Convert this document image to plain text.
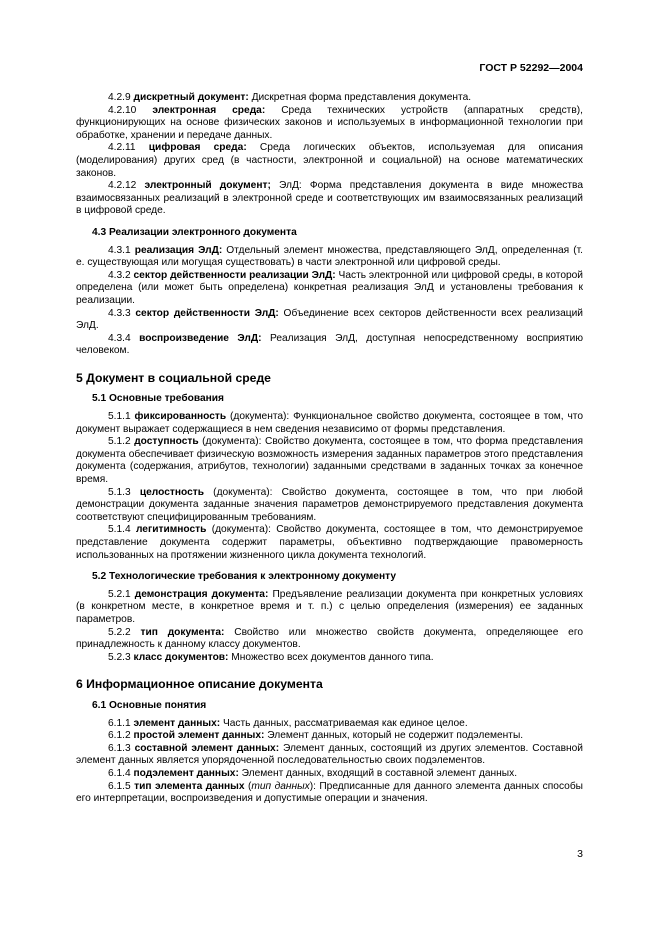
ГОСТ Р 52292—2004

4.2.9 дискретный документ: Дискретная форма представления документа.

4.2.10 электронная среда: Среда технических устройств (аппаратных средств), функционирующих на основе физических законов и используемых в информационной технологии при обработке, хранении и передаче данных.

4.2.11 цифровая среда: Среда логических объектов, используемая для описания (моделирования) других сред (в частности, электронной и социальной) на основе математических законов.

4.2.12 электронный документ; ЭлД: Форма представления документа в виде множества взаимосвязанных реализаций в электронной среде и соответствующих им взаимосвязанных реализаций в цифровой среде.

4.3 Реализации электронного документа

4.3.1 реализация ЭлД: Отдельный элемент множества, представляющего ЭлД, определенная (т. е. существующая или могущая существовать) в части электронной или цифровой среды.

4.3.2 сектор действенности реализации ЭлД: Часть электронной или цифровой среды, в которой определена (или может быть определена) конкретная реализация ЭлД и установлены требования к реализации.

4.3.3 сектор действенности ЭлД: Объединение всех секторов действенности всех реализаций ЭлД.

4.3.4 воспроизведение ЭлД: Реализация ЭлД, доступная непосредственному восприятию человеком.

5 Документ в социальной среде
5.1 Основные требования

5.1.1 фиксированность (документа): Функциональное свойство документа, состоящее в том, что документ выражает содержащиеся в нем сведения независимо от формы представления.

5.1.2 доступность (документа): Свойство документа, состоящее в том, что форма представления документа обеспечивает физическую возможность измерения заданных параметров этого представления документа (содержания, атрибутов, технологии) заданными средствами в заданных точках за конечное время.

5.1.3 целостность (документа): Свойство документа, состоящее в том, что при любой демонстрации документа заданные значения параметров демонстрируемого представления документа соответствуют специфицированным требованиям.

5.1.4 легитимность (документа): Свойство документа, состоящее в том, что демонстрируемое представление документа содержит параметры, объективно подтверждающие правомерность использованных на протяжении жизненного цикла документа технологий.

5.2 Технологические требования к электронному документу

5.2.1 демонстрация документа: Предъявление реализации документа при конкретных условиях (в конкретном месте, в конкретное время и т. п.) с целью определения (измерения) ее заданных параметров.

5.2.2 тип документа: Свойство или множество свойств документа, определяющее его принадлежность к данному классу документов.

5.2.3 класс документов: Множество всех документов данного типа.

6 Информационное описание документа
6.1 Основные понятия

6.1.1 элемент данных: Часть данных, рассматриваемая как единое целое.

6.1.2 простой элемент данных: Элемент данных, который не содержит подэлементы.

6.1.3 составной элемент данных: Элемент данных, состоящий из других элементов. Составной элемент данных является упорядоченной последовательностью своих подэлементов.

6.1.4 подэлемент данных: Элемент данных, входящий в составной элемент данных.

6.1.5 тип элемента данных (тип данных): Предписанные для данного элемента данных способы его интерпретации, воспроизведения и допустимые операции и значения.

3
